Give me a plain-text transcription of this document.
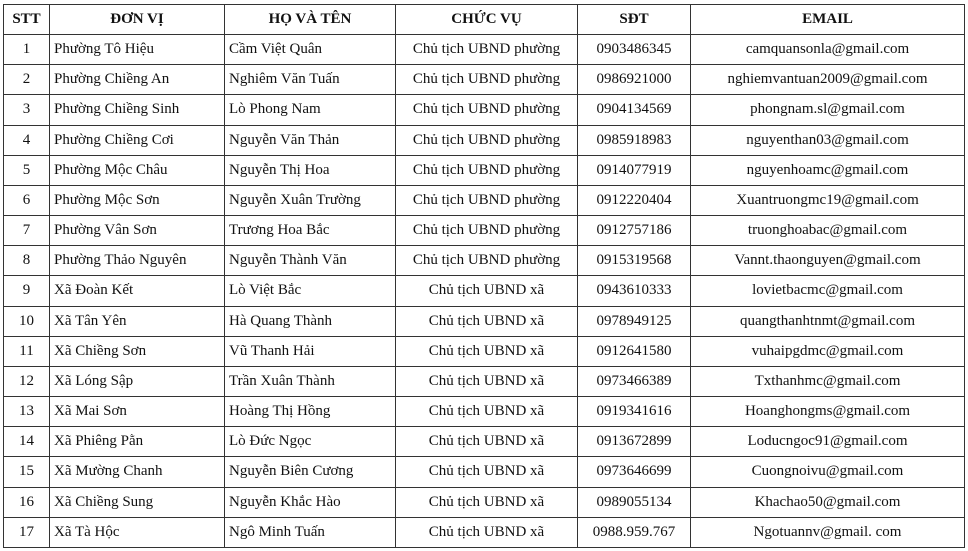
STT	ĐƠN VỊ	HỌ VÀ TÊN	CHỨC VỤ	SĐT	EMAIL
1	Phường Tô Hiệu	Cầm Việt Quân	Chủ tịch UBND phường	0903486345	camquansonla@gmail.com
2	Phường Chiềng An	Nghiêm Văn Tuấn	Chủ tịch UBND phường	0986921000	nghiemvantuan2009@gmail.com
3	Phường Chiềng Sinh	Lò Phong Nam	Chủ tịch UBND phường	0904134569	phongnam.sl@gmail.com
4	Phường Chiềng Cơi	Nguyễn Văn Thản	Chủ tịch UBND phường	0985918983	nguyenthan03@gmail.com
5	Phường Mộc Châu	Nguyễn Thị Hoa	Chủ tịch UBND phường	0914077919	nguyenhoamc@gmail.com
6	Phường Mộc Sơn	Nguyễn Xuân Trường	Chủ tịch UBND phường	0912220404	Xuantruongmc19@gmail.com
7	Phường Vân Sơn	Trương Hoa Bắc	Chủ tịch UBND phường	0912757186	truonghoabac@gmail.com
8	Phường Thảo Nguyên	Nguyễn Thành Văn	Chủ tịch UBND phường	0915319568	Vannt.thaonguyen@gmail.com
9	Xã Đoàn Kết	Lò Việt Bắc	Chủ tịch UBND xã	0943610333	lovietbacmc@gmail.com
10	Xã Tân Yên	Hà Quang Thành	Chủ tịch UBND xã	0978949125	quangthanhtnmt@gmail.com
11	Xã Chiềng Sơn	Vũ Thanh Hải	Chủ tịch UBND xã	0912641580	vuhaipgdmc@gmail.com
12	Xã Lóng Sập	Trần Xuân Thành	Chủ tịch UBND xã	0973466389	Txthanhmc@gmail.com
13	Xã Mai Sơn	Hoàng Thị Hồng	Chủ tịch UBND xã	0919341616	Hoanghongms@gmail.com
14	Xã Phiêng Pằn	Lò Đức Ngọc	Chủ tịch UBND xã	0913672899	Loducngoc91@gmail.com
15	Xã Mường Chanh	Nguyễn Biên Cương	Chủ tịch UBND xã	0973646699	Cuongnoivu@gmail.com
16	Xã Chiềng Sung	Nguyễn Khắc Hào	Chủ tịch UBND xã	0989055134	Khachao50@gmail.com
17	Xã Tà Hộc	Ngô Minh Tuấn	Chủ tịch UBND xã	0988.959.767	Ngotuannv@gmail. com
